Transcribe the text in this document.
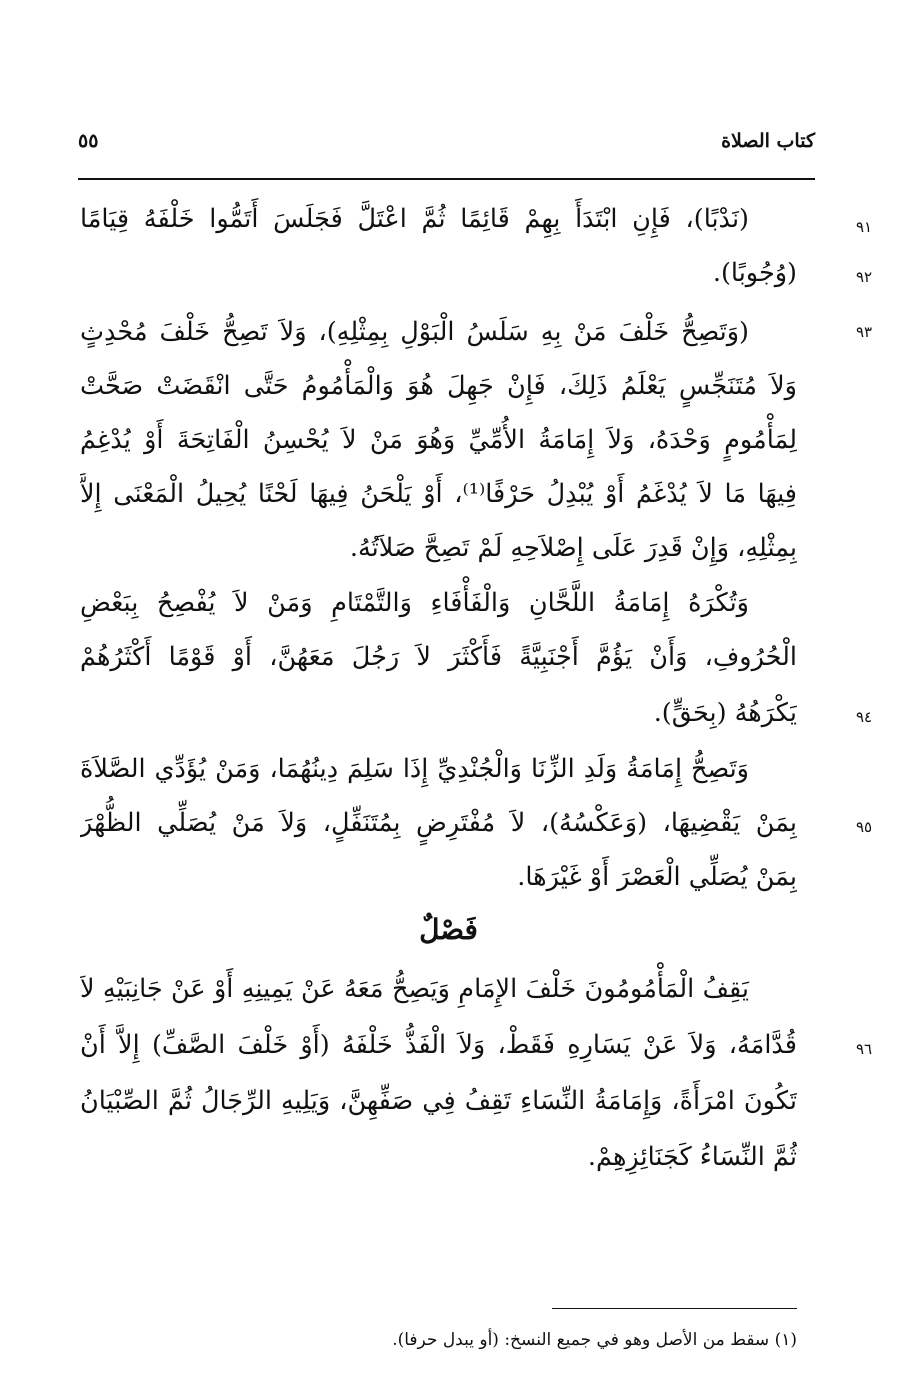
كتاب الصلاة
٥٥
(نَدْبًا)، فَإِنِ ابْتَدَأَ بِهِمْ قَائِمًا ثُمَّ اعْتَلَّ فَجَلَسَ أَتَمُّوا خَلْفَهُ قِيَامًا	٩١
(وُجُوبًا).	٩٢
(وَتَصِحُّ خَلْفَ مَنْ بِهِ سَلَسُ الْبَوْلِ بِمِثْلِهِ)، وَلاَ تَصِحُّ خَلْفَ مُحْدِثٍ	٩٣
وَلاَ مُتَنَجِّسٍ يَعْلَمُ ذَلِكَ، فَإِنْ جَهِلَ هُوَ وَالْمَأْمُومُ حَتَّى انْقَضَتْ صَحَّتْ
لِمَأْمُومٍ وَحْدَهُ، وَلاَ إِمَامَةُ الأُمِّيِّ وَهُوَ مَنْ لاَ يُحْسِنُ الْفَاتِحَةَ أَوْ يُدْغِمُ
فِيهَا مَا لاَ يُدْغَمُ أَوْ يُبْدِلُ حَرْفًا⁽¹⁾، أَوْ يَلْحَنُ فِيهَا لَحْنًا يُحِيلُ الْمَعْنَى إِلاَّ
بِمِثْلِهِ، وَإِنْ قَدِرَ عَلَى إِصْلاَحِهِ لَمْ تَصِحَّ صَلاَتُهُ.
وَتُكْرَهُ إِمَامَةُ اللَّحَّانِ وَالْفَأْفَاءِ وَالتَّمْتَامِ وَمَنْ لاَ يُفْصِحُ بِبَعْضِ
الْحُرُوفِ، وَأَنْ يَؤُمَّ أَجْنَبِيَّةً فَأَكْثَرَ لاَ رَجُلَ مَعَهُنَّ، أَوْ قَوْمًا أَكْثَرُهُمْ
يَكْرَهُهُ (بِحَقٍّ).	٩٤
وَتَصِحُّ إِمَامَةُ وَلَدِ الزِّنَا وَالْجُنْدِيِّ إِذَا سَلِمَ دِينُهُمَا، وَمَنْ يُؤَدِّي الصَّلاَةَ
بِمَنْ يَقْضِيهَا، (وَعَكْسُهُ)، لاَ مُفْتَرِضٍ بِمُتَنَفِّلٍ، وَلاَ مَنْ يُصَلِّي الظُّهْرَ	٩٥
بِمَنْ يُصَلِّي الْعَصْرَ أَوْ غَيْرَهَا.
فَصْلٌ
يَقِفُ الْمَأْمُومُونَ خَلْفَ الإِمَامِ وَيَصِحُّ مَعَهُ عَنْ يَمِينِهِ أَوْ عَنْ جَانِبَيْهِ لاَ
قُدَّامَهُ، وَلاَ عَنْ يَسَارِهِ فَقَطْ، وَلاَ الْفَذُّ خَلْفَهُ (أَوْ خَلْفَ الصَّفِّ) إِلاَّ أَنْ	٩٦
تَكُونَ امْرَأَةً، وَإِمَامَةُ النِّسَاءِ تَقِفُ فِي صَفِّهِنَّ، وَيَلِيهِ الرِّجَالُ ثُمَّ الصِّبْيَانُ
ثُمَّ النِّسَاءُ كَجَنَائِزِهِمْ.
(١) سقط من الأصل وهو في جميع النسخ: (أو يبدل حرفا).
